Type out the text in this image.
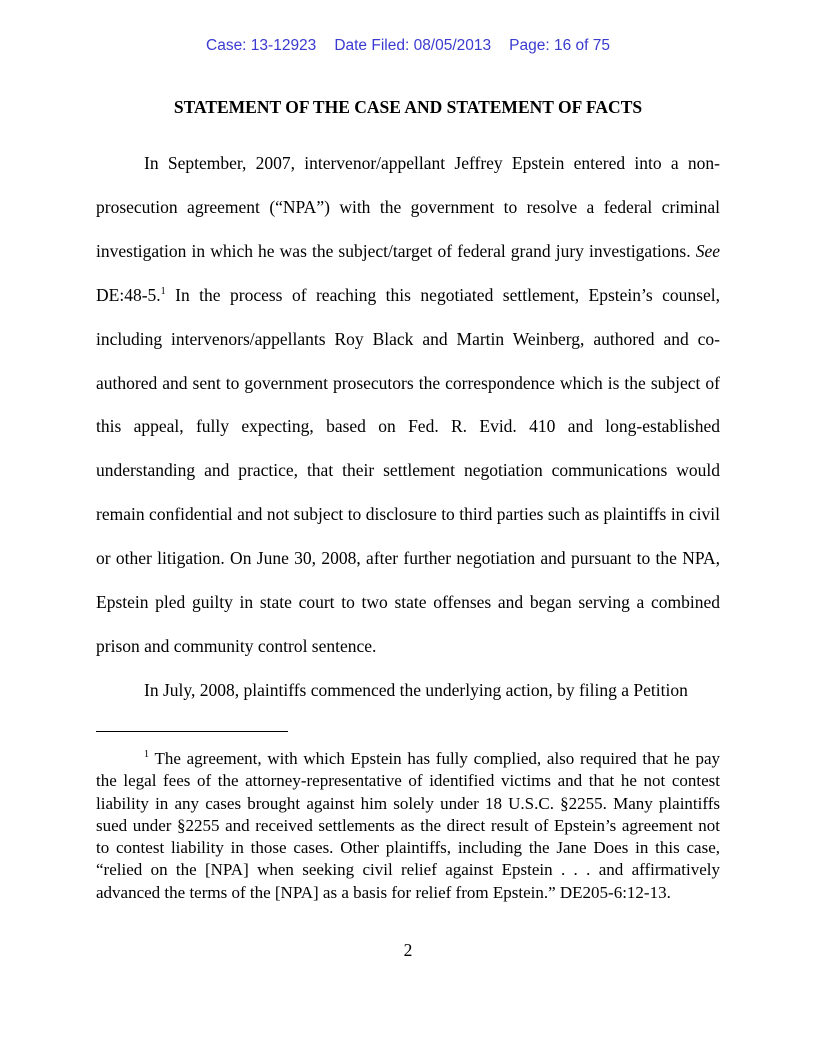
Case: 13-12923 Date Filed: 08/05/2013 Page: 16 of 75
STATEMENT OF THE CASE AND STATEMENT OF FACTS

In September, 2007, intervenor/appellant Jeffrey Epstein entered into a non-prosecution agreement (“NPA”) with the government to resolve a federal criminal investigation in which he was the subject/target of federal grand jury investigations. See DE:48-5.$^1$ In the process of reaching this negotiated settlement, Epstein’s counsel, including intervenors/appellants Roy Black and Martin Weinberg, authored and co-authored and sent to government prosecutors the correspondence which is the subject of this appeal, fully expecting, based on Fed. R. Evid. 410 and long-established understanding and practice, that their settlement negotiation communications would remain confidential and not subject to disclosure to third parties such as plaintiffs in civil or other litigation. On June 30, 2008, after further negotiation and pursuant to the NPA, Epstein pled guilty in state court to two state offenses and began serving a combined prison and community control sentence.

In July, 2008, plaintiffs commenced the underlying action, by filing a Petition

$^1$ The agreement, with which Epstein has fully complied, also required that he pay the legal fees of the attorney-representative of identified victims and that he not contest liability in any cases brought against him solely under 18 U.S.C. §2255. Many plaintiffs sued under §2255 and received settlements as the direct result of Epstein’s agreement not to contest liability in those cases. Other plaintiffs, including the Jane Does in this case, “relied on the [NPA] when seeking civil relief against Epstein . . . and affirmatively advanced the terms of the [NPA] as a basis for relief from Epstein.” DE205-6:12-13.

2
